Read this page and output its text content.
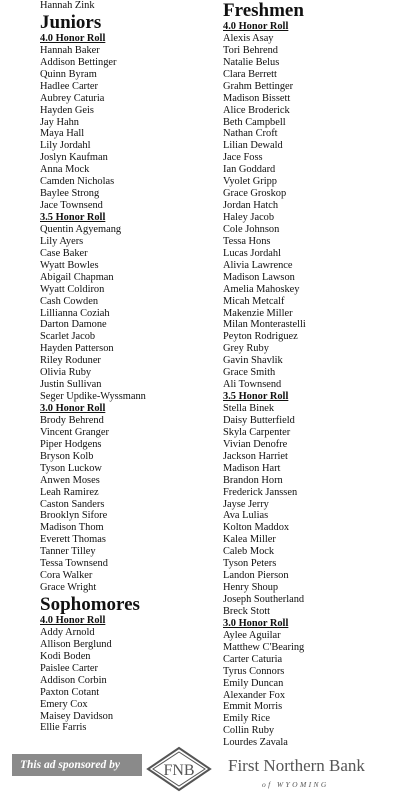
Hannah Zink
Juniors
4.0 Honor Roll
Hannah Baker
Addison Bettinger
Quinn Byram
Hadlee Carter
Aubrey Caturia
Hayden Geis
Jay Hahn
Maya Hall
Lily Jordahl
Joslyn Kaufman
Anna Mock
Camden Nicholas
Baylee Strong
Jace Townsend
3.5 Honor Roll
Quentin Agyemang
Lily Ayers
Case Baker
Wyatt Bowles
Abigail Chapman
Wyatt Coldiron
Cash Cowden
Lillianna Coziah
Darton Damone
Scarlet Jacob
Hayden Patterson
Riley Roduner
Olivia Ruby
Justin Sullivan
Seger Updike-Wyssmann
3.0 Honor Roll
Brody Behrend
Vincent Granger
Piper Hodgens
Bryson Kolb
Tyson Luckow
Anwen Moses
Leah Ramirez
Caston Sanders
Brooklyn Sifore
Madison Thom
Everett Thomas
Tanner Tilley
Tessa Townsend
Cora Walker
Grace Wright
Sophomores
4.0 Honor Roll
Addy Arnold
Allison Berglund
Kodi Boden
Paislee Carter
Addison Corbin
Paxton Cotant
Emery Cox
Maisey Davidson
Ellie Farris
Freshmen
4.0 Honor Roll
Alexis Asay
Tori Behrend
Natalie Belus
Clara Berrett
Grahm Bettinger
Madison Bissett
Alice Broderick
Beth Campbell
Nathan Croft
Lilian Dewald
Jace Foss
Ian Goddard
Vyolet Gripp
Grace Groskop
Jordan Hatch
Haley Jacob
Cole Johnson
Tessa Hons
Lucas Jordahl
Alivia Lawrence
Madison Lawson
Amelia Mahoskey
Micah Metcalf
Makenzie Miller
Milan Monterastelli
Peyton Rodriguez
Grey Ruby
Gavin Shavlik
Grace Smith
Ali Townsend
3.5 Honor Roll
Stella Binek
Daisy Butterfield
Skyla Carpenter
Vivian Denofre
Jackson Harriet
Madison Hart
Brandon Horn
Frederick Janssen
Jayse Jerry
Ava Lulias
Kolton Maddox
Kalea Miller
Caleb Mock
Tyson Peters
Landon Pierson
Henry Shoup
Joseph Southerland
Breck Stott
3.0 Honor Roll
Aylee Aguilar
Matthew C'Bearing
Carter Caturia
Tyrus Connors
Emily Duncan
Alexander Fox
Emmit Morris
Emily Rice
Collin Ruby
Lourdes Zavala
This ad sponsored by	FNB First Northern Bank
of WYOMING
